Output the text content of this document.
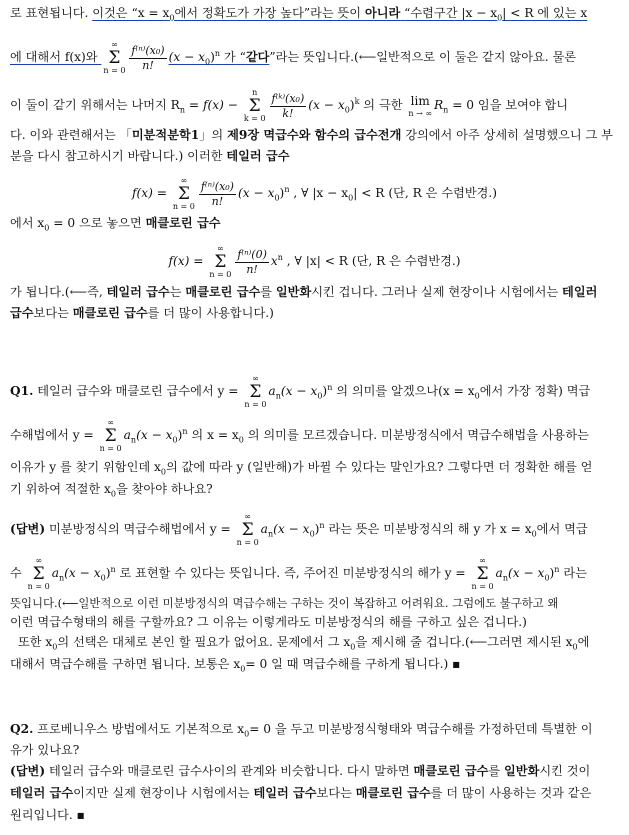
로 표현됩니다. 이것은 “$x = x_0$에서 정확도가 가장 높다”라는 뜻이 아니라 “수렴구간 $|x - x_0| < R$ 에 있는 x
에 대해서 f(x)와
∞
Σ
$n = 0 \frac{\text{f⁽ⁿ⁾(x₀)}}{n!} (x - x_0)^n$ 가 “같다”라는 뜻입니다.(⟵일반적으로 이 둘은 같지 않아요. 물론
이 둘이 같기 위해서는 나머지 $R_n = f(x)$ −
n
Σ
$k = 0 \frac{\text{f⁽ᵏ⁾(x₀)}}{k!} (x - x_0)^k$ 의 극한 lim
n → ∞
$R_n = 0$ 임을 보여야 합니
다. 이와 관련해서는 「미분적분학1」의 제9장 멱급수와 함수의 급수전개 강의에서 아주 상세히 설명했으니 그 부
분을 다시 참고하시기 바랍니다.) 이러한 테일러 급수
f(x) =
∞
Σ
$n = 0 \frac{\text{f⁽ⁿ⁾(x₀)}}{n!} (x - x_0)^n$ , ∀ $|x - x_0| < R$ (단, R 은 수렴반경.)
에서 $x_0 = 0$ 으로 놓으면 매클로린 급수
f(x) =
∞
Σ
$n = 0 \frac{\text{f⁽ⁿ⁾(0)}}{n!} x^n$ , ∀ |x| < R (단, R 은 수렴반경.)
가 됩니다.(⟵즉, 테일러 급수는 매클로린 급수를 일반화시킨 겁니다. 그러나 실제 현장이나 시험에서는 테일러
급수보다는 매클로린 급수를 더 많이 사용합니다.)
Q1. 테일러 급수와 매클로린 급수에서 y =
∞
Σ
n = 0
$a_n(x - x_0)^n$ 의 의미를 알겠으나($x = x_0$에서 가장 정확) 멱급
수해법에서 y =
∞
Σ
n = 0
$a_n(x - x_0)^n$ 의 $x = x_0$ 의 의미를 모르겠습니다. 미분방정식에서 멱급수해법을 사용하는
이유가 y 를 찾기 위함인데 $x_0$의 값에 따라 y (일반해)가 바뀔 수 있다는 말인가요? 그렇다면 더 정확한 해를 얻
기 위하여 적절한 $x_0$을 찾아야 하나요?
(답변) 미분방정식의 멱급수해법에서 y =
∞
Σ
n = 0
$a_n(x - x_0)^n$ 라는 뜻은 미분방정식의 해 y 가 $x = x_0$에서 멱급
수
∞
Σ
n = 0
$a_n(x - x_0)^n$ 로 표현할 수 있다는 뜻입니다. 즉, 주어진 미분방정식의 해가 y =
∞
Σ
n = 0
$a_n(x - x_0)^n$ 라는
뜻입니다.(⟵일반적으로 이런 미분방정식의 멱급수해는 구하는 것이 복잡하고 어려워요. 그럼에도 불구하고 왜
이런 멱급수형태의 해를 구할까요? 그 이유는 이렇게라도 미분방정식의 해를 구하고 싶은 겁니다.)
또한 $x_0$의 선택은 대체로 본인 할 필요가 없어요. 문제에서 그 $x_0$을 제시해 줄 겁니다.(⟵그러면 제시된 $x_0$에
대해서 멱급수해를 구하면 됩니다. 보통은 $x_0= 0$ 일 때 멱급수해를 구하게 됩니다.) ▪
Q2. 프로베니우스 방법에서도 기본적으로 $x_0= 0$ 을 두고 미분방정식형태와 멱급수해를 가정하던데 특별한 이
유가 있나요?
(답변) 테일러 급수와 매클로린 급수사이의 관계와 비슷합니다. 다시 말하면 매클로린 급수를 일반화시킨 것이
테일러 급수이지만 실제 현장이나 시험에서는 테일러 급수보다는 매클로린 급수를 더 많이 사용하는 것과 같은
원리입니다. ▪
